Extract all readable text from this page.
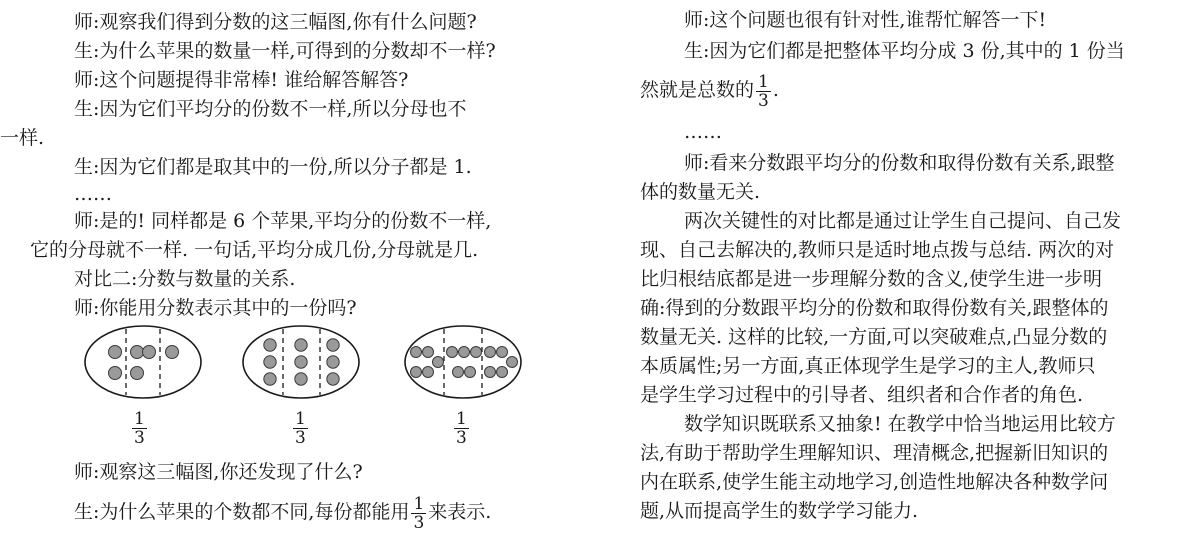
师:观察我们得到分数的这三幅图,你有什么问题?
生:为什么苹果的数量一样,可得到的分数却不一样?
师:这个问题提得非常棒! 谁给解答解答?
生:因为它们平均分的份数不一样,所以分母也不
一样.
生:因为它们都是取其中的一份,所以分子都是 1.
……
师:是的! 同样都是 6 个苹果,平均分的份数不一样,
它的分母就不一样. 一句话,平均分成几份,分母就是几.
对比二:分数与数量的关系.
师:你能用分数表示其中的一份吗?
$\frac{1}{3}$	$\frac{1}{3}$	$\frac{1}{3}$
师:观察这三幅图,你还发现了什么?
生:为什么苹果的个数都不同,每份都能用 $\frac{1}{3}$ 来表示.
师:这个问题也很有针对性,谁帮忙解答一下!
生:因为它们都是把整体平均分成 3 份,其中的 1 份当
然就是总数的 $\frac{1}{3}$ .
……
师:看来分数跟平均分的份数和取得份数有关系,跟整
体的数量无关.
两次关键性的对比都是通过让学生自己提问、自己发
现、自己去解决的,教师只是适时地点拨与总结. 两次的对
比归根结底都是进一步理解分数的含义,使学生进一步明
确:得到的分数跟平均分的份数和取得份数有关,跟整体的
数量无关. 这样的比较,一方面,可以突破难点,凸显分数的
本质属性;另一方面,真正体现学生是学习的主人,教师只
是学生学习过程中的引导者、组织者和合作者的角色.
数学知识既联系又抽象! 在教学中恰当地运用比较方
法,有助于帮助学生理解知识、理清概念,把握新旧知识的
内在联系,使学生能主动地学习,创造性地解决各种数学问
题,从而提高学生的数学学习能力.
